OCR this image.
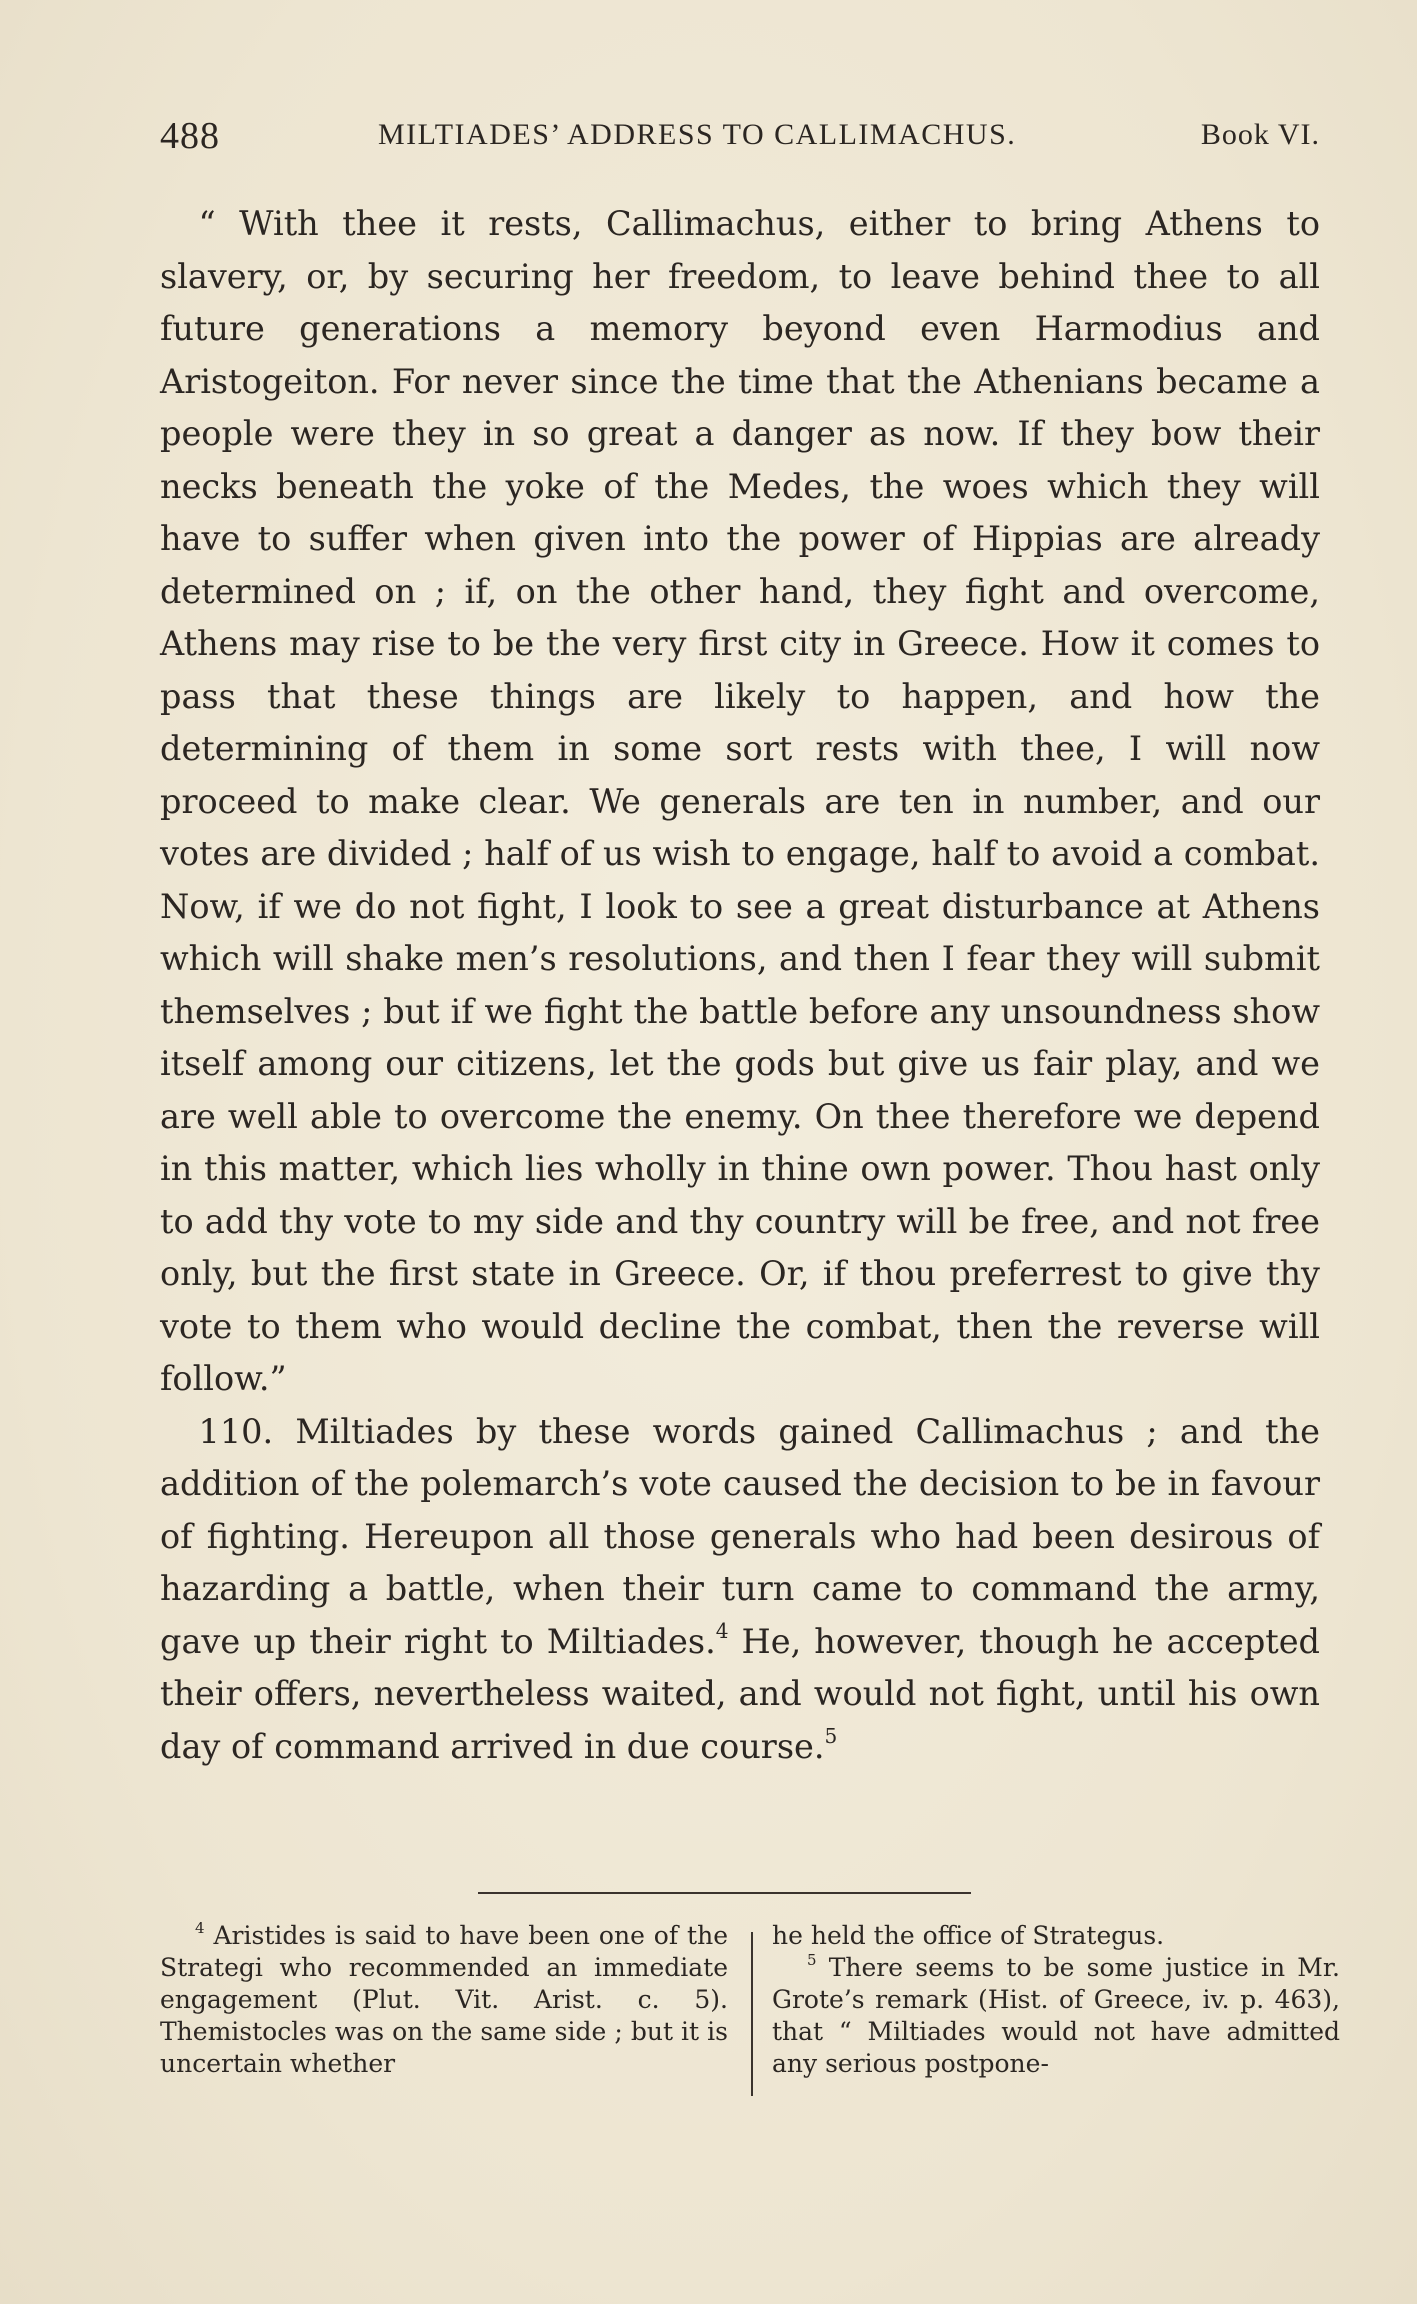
488	MILTIADES’ ADDRESS TO CALLIMACHUS.	Book VI.

“ With thee it rests, Callimachus, either to bring Athens to slavery, or, by securing her freedom, to leave behind thee to all future generations a memory beyond even Harmodius and Aristogeiton. For never since the time that the Athenians became a people were they in so great a danger as now. If they bow their necks beneath the yoke of the Medes, the woes which they will have to suffer when given into the power of Hippias are already determined on ; if, on the other hand, they fight and overcome, Athens may rise to be the very first city in Greece. How it comes to pass that these things are likely to happen, and how the determining of them in some sort rests with thee, I will now proceed to make clear. We generals are ten in number, and our votes are divided ; half of us wish to engage, half to avoid a combat. Now, if we do not fight, I look to see a great disturbance at Athens which will shake men’s resolutions, and then I fear they will submit themselves ; but if we fight the battle before any unsoundness show itself among our citizens, let the gods but give us fair play, and we are well able to overcome the enemy. On thee therefore we depend in this matter, which lies wholly in thine own power. Thou hast only to add thy vote to my side and thy country will be free, and not free only, but the first state in Greece. Or, if thou preferrest to give thy vote to them who would decline the combat, then the reverse will follow.”

110. Miltiades by these words gained Callimachus ; and the addition of the polemarch’s vote caused the decision to be in favour of fighting. Hereupon all those generals who had been desirous of hazarding a battle, when their turn came to command the army, gave up their right to Miltiades.$^4$ He, however, though he accepted their offers, nevertheless waited, and would not fight, until his own day of command arrived in due course.$^5$

$^4$ Aristides is said to have been one of the Strategi who recommended an immediate engagement (Plut. Vit. Arist. c. 5). Themistocles was on the same side ; but it is uncertain whether

he held the office of Strategus.

$^5$ There seems to be some justice in Mr. Grote’s remark (Hist. of Greece, iv. p. 463), that “ Miltiades would not have admitted any serious postpone-
